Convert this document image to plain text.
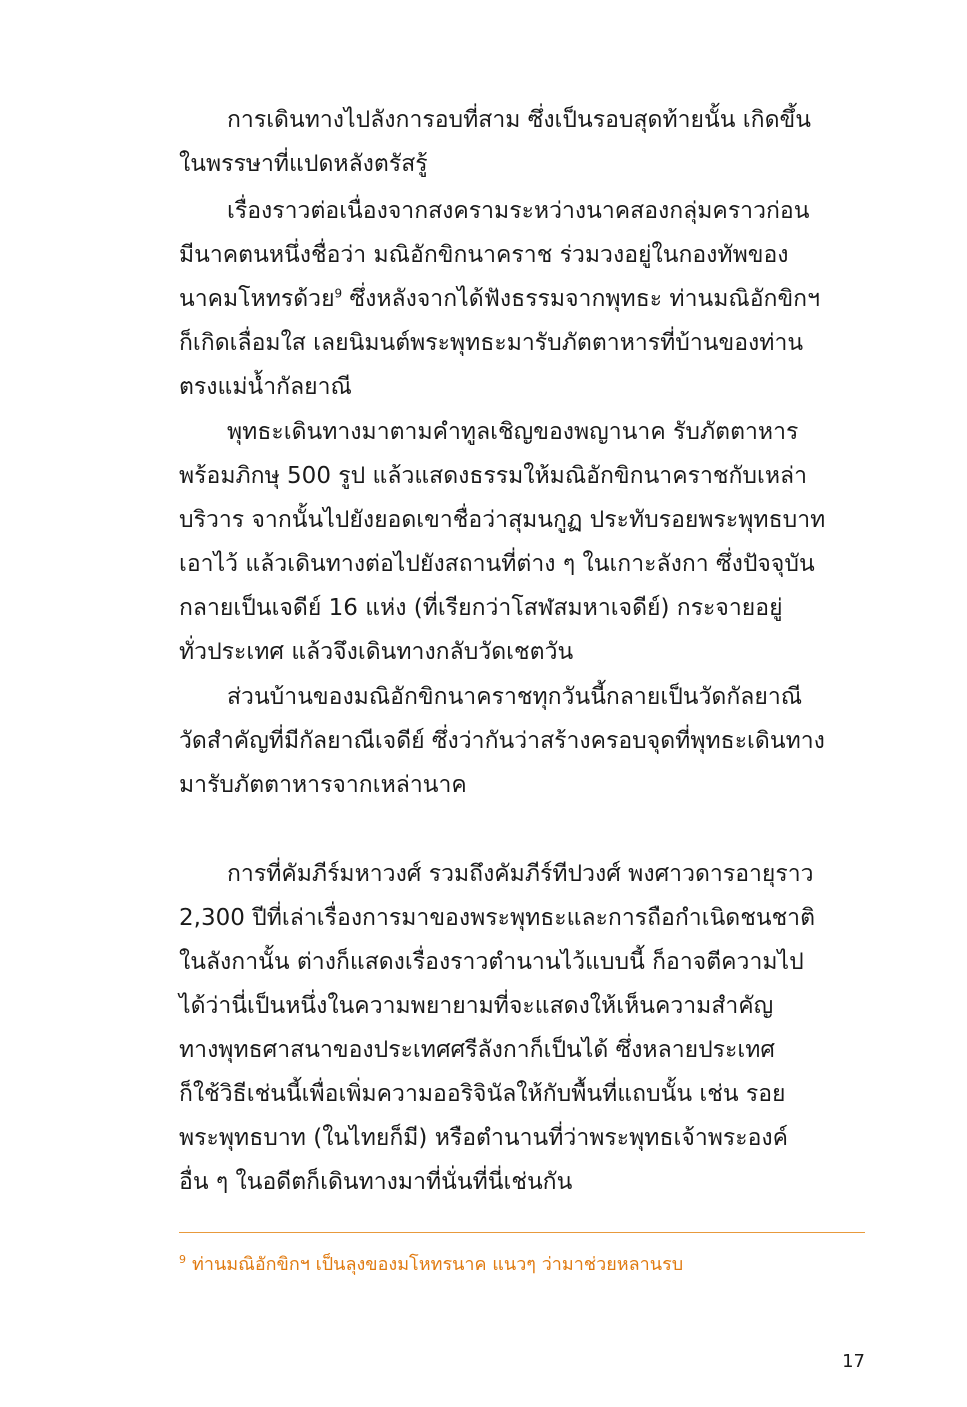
การเดินทางไปลังการอบที่สาม ซึ่งเป็นรอบสุดท้ายนั้น เกิดขึ้น
ในพรรษาที่แปดหลังตรัสรู้
เรื่องราวต่อเนื่องจากสงครามระหว่างนาคสองกลุ่มคราวก่อน
มีนาคตนหนึ่งชื่อว่า มณิอักขิกนาคราช ร่วมวงอยู่ในกองทัพของ
นาคมโหทรด้วย$^9$ ซึ่งหลังจากได้ฟังธรรมจากพุทธะ ท่านมณิอักขิกฯ
ก็เกิดเลื่อมใส เลยนิมนต์พระพุทธะมารับภัตตาหารที่บ้านของท่าน
ตรงแม่น้ำกัลยาณี
พุทธะเดินทางมาตามคำทูลเชิญของพญานาค รับภัตตาหาร
พร้อมภิกษุ 500 รูป แล้วแสดงธรรมให้มณิอักขิกนาคราชกับเหล่า
บริวาร จากนั้นไปยังยอดเขาชื่อว่าสุมนกูฏ ประทับรอยพระพุทธบาท
เอาไว้ แล้วเดินทางต่อไปยังสถานที่ต่าง ๆ ในเกาะลังกา ซึ่งปัจจุบัน
กลายเป็นเจดีย์ 16 แห่ง (ที่เรียกว่าโสฬสมหาเจดีย์) กระจายอยู่
ทั่วประเทศ แล้วจึงเดินทางกลับวัดเชตวัน
ส่วนบ้านของมณิอักขิกนาคราชทุกวันนี้กลายเป็นวัดกัลยาณี
วัดสำคัญที่มีกัลยาณีเจดีย์ ซึ่งว่ากันว่าสร้างครอบจุดที่พุทธะเดินทาง
มารับภัตตาหารจากเหล่านาค
การที่คัมภีร์มหาวงศ์ รวมถึงคัมภีร์ทีปวงศ์ พงศาวดารอายุราว
2,300 ปีที่เล่าเรื่องการมาของพระพุทธะและการถือกำเนิดชนชาติ
ในลังกานั้น ต่างก็แสดงเรื่องราวตำนานไว้แบบนี้ ก็อาจตีความไป
ได้ว่านี่เป็นหนึ่งในความพยายามที่จะแสดงให้เห็นความสำคัญ
ทางพุทธศาสนาของประเทศศรีลังกาก็เป็นได้ ซึ่งหลายประเทศ
ก็ใช้วิธีเช่นนี้เพื่อเพิ่มความออริจินัลให้กับพื้นที่แถบนั้น เช่น รอย
พระพุทธบาท (ในไทยก็มี) หรือตำนานที่ว่าพระพุทธเจ้าพระองค์
อื่น ๆ ในอดีตก็เดินทางมาที่นั่นที่นี่เช่นกัน
$^9$ ท่านมณิอักขิกฯ เป็นลุงของมโหทรนาค แนวๆ ว่ามาช่วยหลานรบ
17
